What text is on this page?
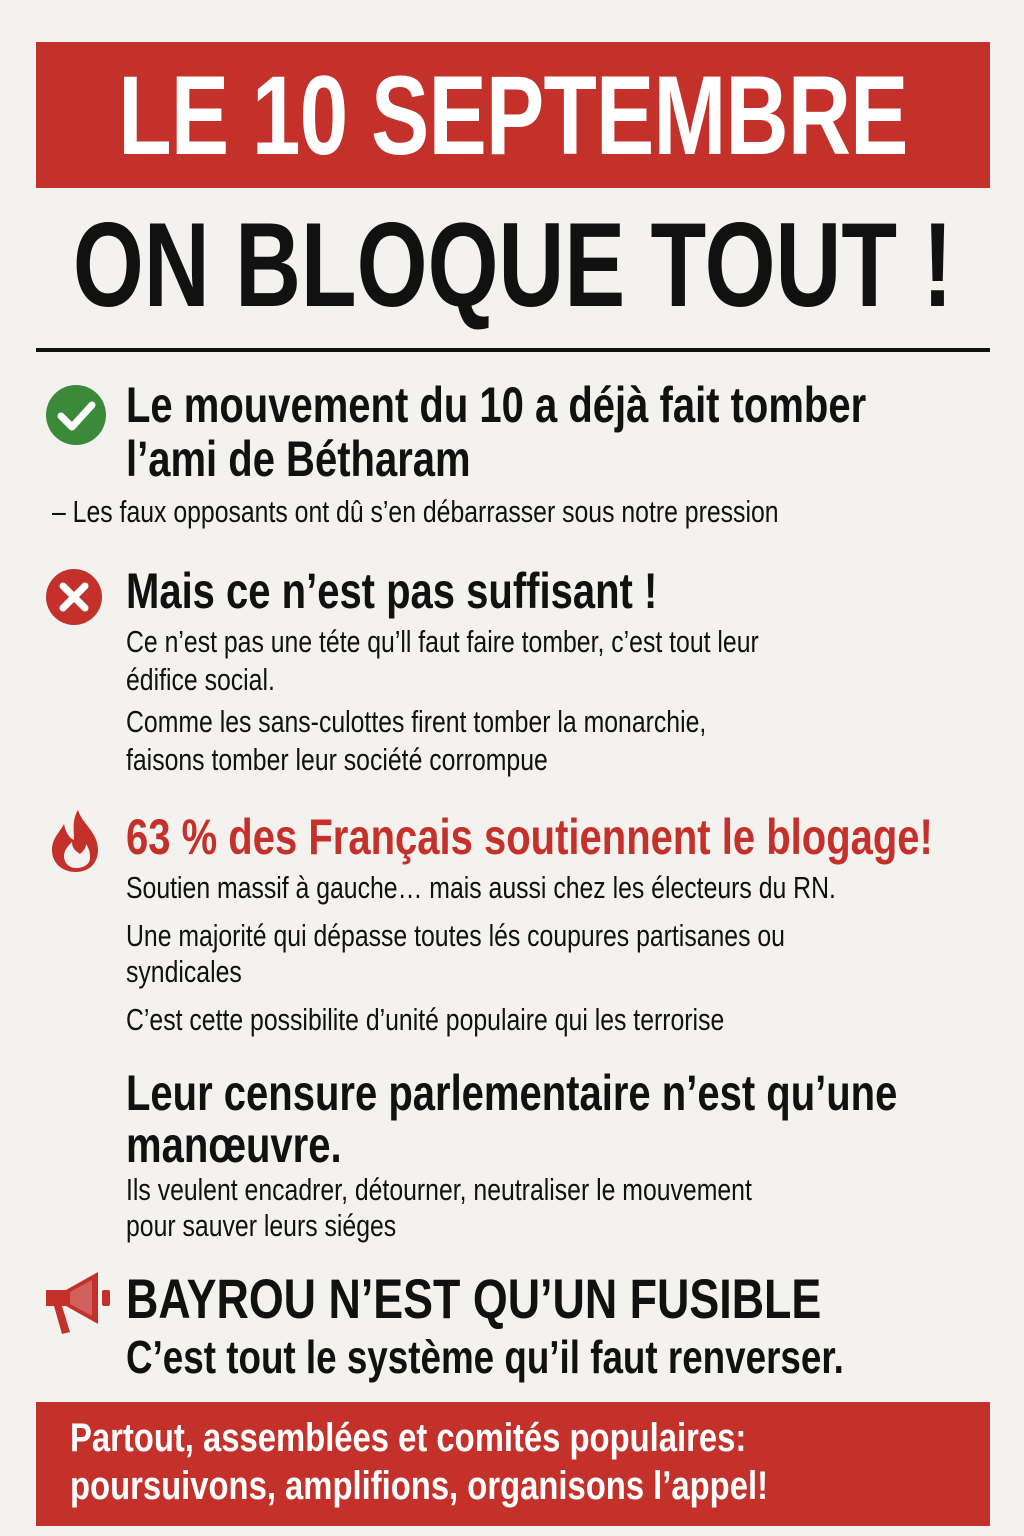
LE 10 SEPTEMBRE
ON BLOQUE TOUT !
Le mouvement du 10 a déjà fait tomber
l’ami de Bétharam
– Les faux opposants ont dû s’en débarrasser sous notre pression
Mais ce n’est pas suffisant !
Ce n’est pas une téte qu’ll faut faire tomber, c’est tout leur
édifice social.
Comme les sans-culottes firent tomber la monarchie,
faisons tomber leur société corrompue
63 % des Français soutiennent le blogage!
Soutien massif à gauche… mais aussi chez les électeurs du RN.
Une majorité qui dépasse toutes lés coupures partisanes ou
syndicales
C’est cette possibilite d’unité populaire qui les terrorise
Leur censure parlementaire n’est qu’une
manœuvre.
Ils veulent encadrer, détourner, neutraliser le mouvement
pour sauver leurs siéges
BAYROU N’EST QU’UN FUSIBLE
C’est tout le système qu’il faut renverser.
Partout, assemblées et comités populaires:
poursuivons, amplifions, organisons l’appel!
